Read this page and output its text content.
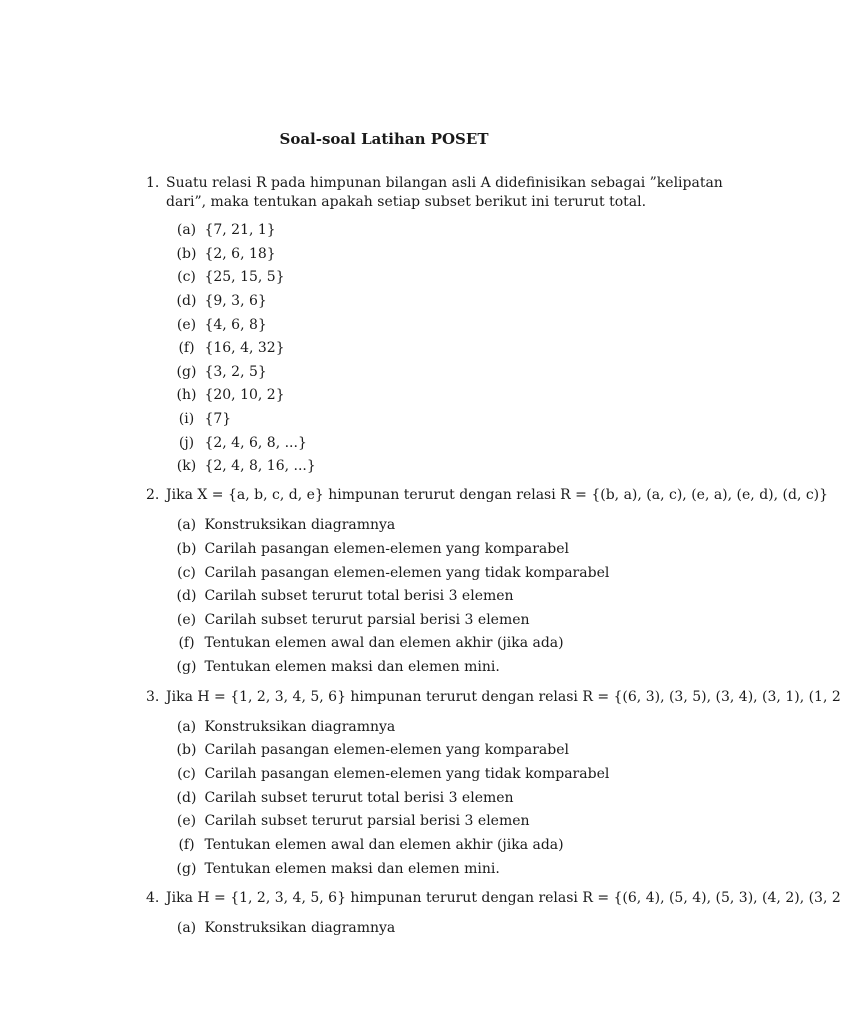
Soal-soal Latihan POSET
1. Suatu relasi R pada himpunan bilangan asli A didefinisikan sebagai ”kelipatan
dari”, maka tentukan apakah setiap subset berikut ini terurut total.
(a) {7, 21, 1}
(b) {2, 6, 18}
(c) {25, 15, 5}
(d) {9, 3, 6}
(e) {4, 6, 8}
(f) {16, 4, 32}
(g) {3, 2, 5}
(h) {20, 10, 2}
(i) {7}
(j) {2, 4, 6, 8, ...}
(k) {2, 4, 8, 16, ...}
2. Jika X = {a, b, c, d, e} himpunan terurut dengan relasi R = {(b, a), (a, c), (e, a), (e, d), (d, c)}
(a) Konstruksikan diagramnya
(b) Carilah pasangan elemen-elemen yang komparabel
(c) Carilah pasangan elemen-elemen yang tidak komparabel
(d) Carilah subset terurut total berisi 3 elemen
(e) Carilah subset terurut parsial berisi 3 elemen
(f) Tentukan elemen awal dan elemen akhir (jika ada)
(g) Tentukan elemen maksi dan elemen mini.
3. Jika H = {1, 2, 3, 4, 5, 6} himpunan terurut dengan relasi R = {(6, 3), (3, 5), (3, 4), (3, 1), (1, 2
(a) Konstruksikan diagramnya
(b) Carilah pasangan elemen-elemen yang komparabel
(c) Carilah pasangan elemen-elemen yang tidak komparabel
(d) Carilah subset terurut total berisi 3 elemen
(e) Carilah subset terurut parsial berisi 3 elemen
(f) Tentukan elemen awal dan elemen akhir (jika ada)
(g) Tentukan elemen maksi dan elemen mini.
4. Jika H = {1, 2, 3, 4, 5, 6} himpunan terurut dengan relasi R = {(6, 4), (5, 4), (5, 3), (4, 2), (3, 2
(a) Konstruksikan diagramnya
